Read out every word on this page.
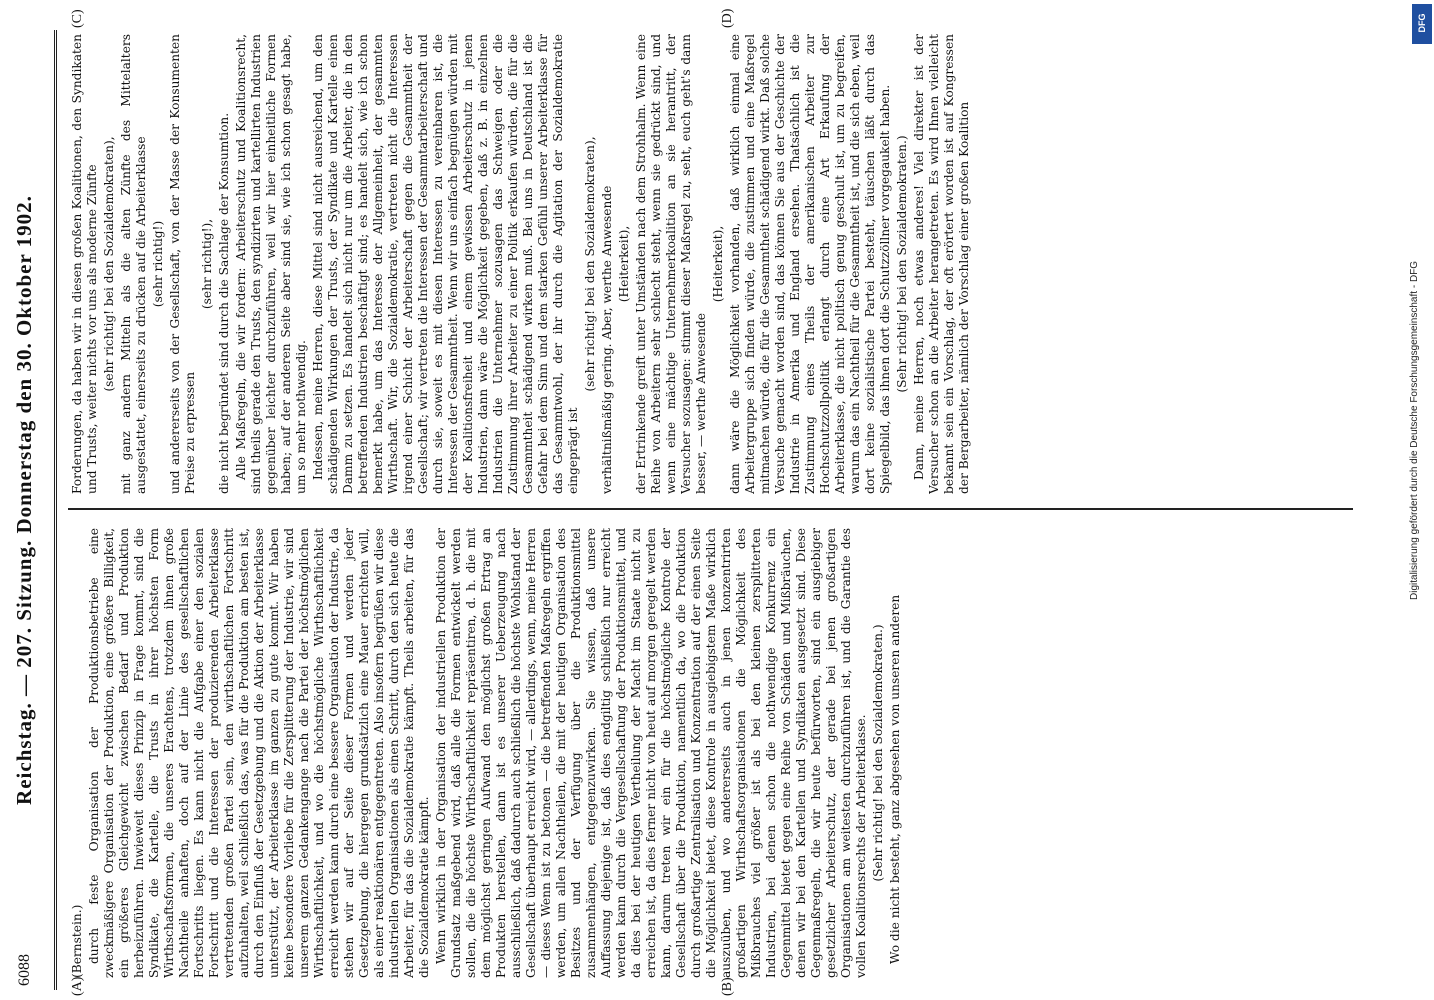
6088
Reichstag. — 207. Sitzung. Donnerstag den 30. Oktober 1902.
(A)	(B)
(C)	(D)

(Bernstein.) durch feste Organisation der Produktionsbetriebe eine zweckmäßigere Organisation der Produktion, eine größere Billigkeit, ein größeres Gleichgewicht zwischen Bedarf und Produktion herbeizuführen. Inwieweit dieses Prinzip in Frage kommt, sind die Syndikate, die Kartelle, die Trusts in ihrer höchsten Form Wirthschaftsformen, die unseres Erachtens, trotzdem ihnen große Nachtheile anhaften, doch auf der Linie des gesellschaftlichen Fortschritts liegen. Es kann nicht die Aufgabe einer den sozialen Fortschritt und die Interessen der produzierenden Arbeiterklasse vertretenden großen Partei sein, den wirthschaftlichen Fortschritt aufzuhalten, weil schließlich das, was für die Produktion am besten ist, durch den Einfluß der Gesetzgebung und die Aktion der Arbeiterklasse unterstützt, der Arbeiterklasse im ganzen zu gute kommt. Wir haben keine besondere Vorliebe für die Zersplitterung der Industrie, wir sind unserem ganzen Gedankengange nach die Partei der höchstmöglichen Wirthschaftlichkeit, und wo die höchstmögliche Wirthschaftlichkeit erreicht werden kann durch eine bessere Organisation der Industrie, da stehen wir auf der Seite dieser Formen und werden jeder Gesetzgebung, die hiergegen grundsätzlich eine Mauer errichten will, als einer reaktionären entgegentreten. Also insofern begrüßen wir diese industriellen Organisationen als einen Schritt, durch den sich heute die Arbeiter, für das die Sozialdemokratie kämpft. Theils arbeiten, für das die Sozialdemokratie kämpft. Wenn wirklich in der Organisation der industriellen Produktion der Grundsatz maßgebend wird, daß alle die Formen entwickelt werden sollen, die die höchste Wirthschaftlichkeit repräsentiren, d. h. die mit dem möglichst geringen Aufwand den möglichst großen Ertrag an Produkten herstellen, dann ist es unserer Ueberzeugung nach ausschließlich, daß dadurch auch schließlich die höchste Wohlstand der Gesellschaft überhaupt erreicht wird, — allerdings, wenn, meine Herren — dieses Wenn ist zu betonen — die betreffenden Maßregeln ergriffen werden, um allen Nachtheilen, die mit der heutigen Organisation des Besitzes und der Verfügung über die Produktionsmittel zusammenhängen, entgegenzuwirken. Sie wissen, daß unsere Auffassung diejenige ist, daß dies endgiltig schließlich nur erreicht werden kann durch die Vergesellschaftung der Produktionsmittel, und da dies bei der heutigen Vertheilung der Macht im Staate nicht zu erreichen ist, da dies ferner nicht von heut auf morgen geregelt werden kann, darum treten wir ein für die höchstmögliche Kontrole der Gesellschaft über die Produktion, namentlich da, wo die Produktion durch großartige Zentralisation und Konzentration auf der einen Seite die Möglichkeit bietet, diese Kontrole in ausgiebigstem Maße wirklich auszuüben, und wo andererseits auch in jenen konzentrirten großartigen Wirthschaftsorganisationen die Möglichkeit des Mißbrauches viel größer ist als bei den kleinen zersplitterten Industrien, bei denen schon die nothwendige Konkurrenz ein Gegenmittel bietet gegen eine Reihe von Schäden und Mißbräuchen, denen wir bei den Kartellen und Syndikaten ausgesetzt sind. Diese Gegenmaßregeln, die wir heute befürworten, sind ein ausgiebiger gesetzlicher Arbeiterschutz, der gerade bei jenen großartigen Organisationen am weitesten durchzuführen ist, und die Garantie des vollen Koalitionsrechts der Arbeiterklasse. (Sehr richtig! bei den Sozialdemokraten.) Wo die nicht besteht, ganz abgesehen von unseren anderen

Forderungen, da haben wir in diesen großen Koalitionen, den Syndikaten und Trusts, weiter nichts vor uns als moderne Zünfte (sehr richtig! bei den Sozialdemokraten), mit ganz andern Mitteln als die alten Zünfte des Mittelalters ausgestattet, einerseits zu drücken auf die Arbeiterklasse (sehr richtig!) und andererseits von der Gesellschaft, von der Masse der Konsumenten Preise zu erpressen

(sehr richtig!), die nicht begründet sind durch die Sachlage der Konsumtion. Alle Maßregeln, die wir fordern: Arbeiterschutz und Koalitionsrecht, sind theils gerade den Trusts, den syndizirten und kartellirten Industrien gegenüber leichter durchzuführen, weil wir hier einheitliche Formen haben; auf der anderen Seite aber sind sie, wie ich schon gesagt habe, um so mehr nothwendig. Indessen, meine Herren, diese Mittel sind nicht ausreichend, um den schädigenden Wirkungen der Trusts, der Syndikate und Kartelle einen Damm zu setzen. Es handelt sich nicht nur um die Arbeiter, die in den betreffenden Industrien beschäftigt sind; es handelt sich, wie ich schon bemerkt habe, um das Interesse der Allgemeinheit, der gesammten Wirthschaft. Wir, die Sozialdemokratie, vertreten nicht die Interessen irgend einer Schicht der Arbeiterschaft gegen die Gesammtheit der Gesellschaft; wir vertreten die Interessen der Gesammtarbeiterschaft und durch sie, soweit es mit diesen Interessen zu vereinbaren ist, die Interessen der Gesammtheit. Wenn wir uns einfach begnügen würden mit der Koalitionsfreiheit und einem gewissen Arbeiterschutz in jenen Industrien, dann wäre die Möglichkeit gegeben, daß z. B. in einzelnen Industrien die Unternehmer sozusagen das Schweigen oder die Zustimmung ihrer Arbeiter zu einer Politik erkaufen würden, die für die Gesammtheit schädigend wirken muß. Bei uns in Deutschland ist die Gefahr bei dem Sinn und dem starken Gefühl unserer Arbeiterklasse für das Gesammtwohl, der ihr durch die Agitation der Sozialdemokratie eingeprägt ist

(sehr richtig! bei den Sozialdemokraten), verhältnißmäßig gering. Aber, werthe Anwesende (Heiterkeit), der Ertrinkende greift unter Umständen nach dem Strohhalm. Wenn eine Reihe von Arbeitern sehr schlecht steht, wenn sie gedrückt sind, und wenn eine mächtige Unternehmerkoalition an sie herantritt, der Versucher sozusagen: stimmt dieser Maßregel zu, seht, euch geht's dann besser, — werthe Anwesende

(Heiterkeit), dann wäre die Möglichkeit vorhanden, daß wirklich einmal eine Arbeitergruppe sich finden würde, die zustimmen und eine Maßregel mitmachen würde, die für die Gesammtheit schädigend wirkt. Daß solche Versuche gemacht worden sind, das können Sie aus der Geschichte der Industrie in Amerika und England ersehen. Thatsächlich ist die Zustimmung eines Theils der amerikanischen Arbeiter zur Hochschutzzollpolitik erlangt durch eine Art Erkaufung der Arbeiterklasse, die nicht politisch genug geschult ist, um zu begreifen, warum das ein Nachtheil für die Gesammtheit ist, und die sich eben, weil dort keine sozialistische Partei besteht, täuschen läßt durch das Spiegelbild, das ihnen dort die Schutzzöllner vorgegaukelt haben. (Sehr richtig! bei den Sozialdemokraten.) Dann, meine Herren, noch etwas anderes! Viel direkter ist der Versucher schon an die Arbeiter herangetreten. Es wird Ihnen vielleicht bekannt sein ein Vorschlag, der oft erörtert worden ist auf Kongressen der Bergarbeiter, nämlich der Vorschlag einer großen Koalition	Digitalisierung gefördert durch die Deutsche Forschungsgemeinschaft - DFG
DFG
